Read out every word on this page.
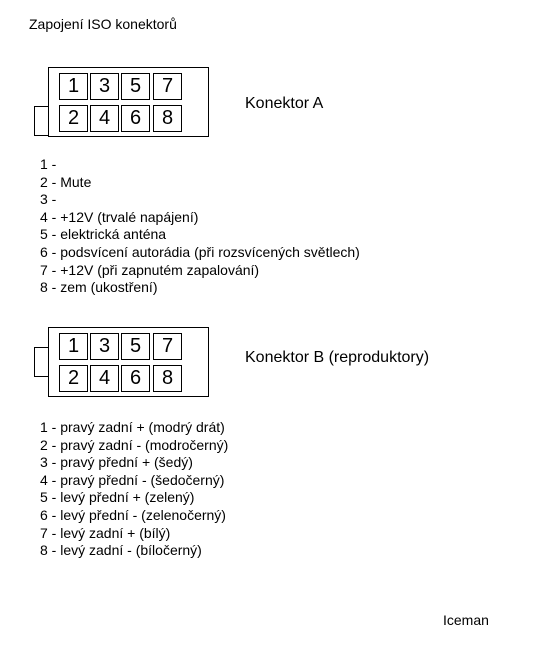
Zapojení ISO konektorů
1 3 5	7
2 4 6	8
Konektor A
1 -
2 - Mute
3 -
4 - +12V (trvalé napájení)
5 - elektrická anténa
6 - podsvícení autorádia (při rozsvícených světlech)
7 - +12V (při zapnutém zapalování)
8 - zem (ukostření)
1 3 5	7
2 4 6	8
Konektor B (reproduktory)
1 - pravý zadní + (modrý drát)
2 - pravý zadní - (modročerný)
3 - pravý přední + (šedý)
4 - pravý přední - (šedočerný)
5 - levý přední + (zelený)
6 - levý přední - (zelenočerný)
7 - levý zadní + (bílý)
8 - levý zadní - (bíločerný)
Iceman
